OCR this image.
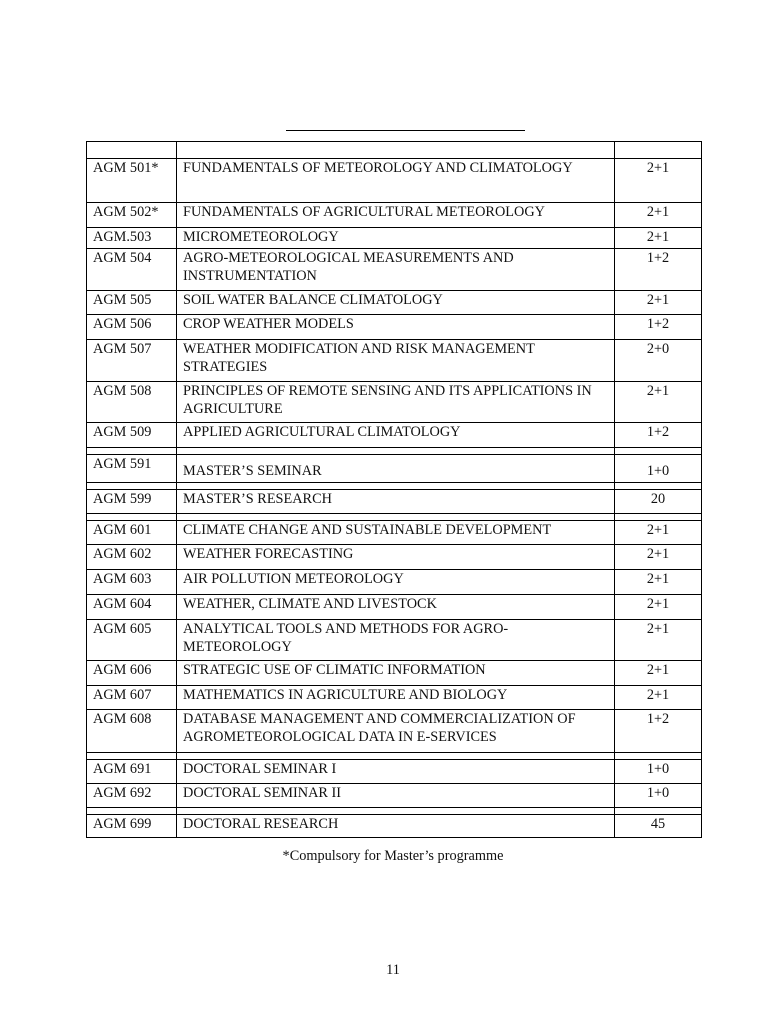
AGM 501*	FUNDAMENTALS OF METEOROLOGY AND CLIMATOLOGY	2+1
AGM 502*	FUNDAMENTALS OF AGRICULTURAL METEOROLOGY	2+1
AGM.503	MICROMETEOROLOGY	2+1
AGM 504	AGRO-METEOROLOGICAL MEASUREMENTS AND INSTRUMENTATION	1+2
AGM 505	SOIL WATER BALANCE CLIMATOLOGY	2+1
AGM 506	CROP WEATHER MODELS	1+2
AGM 507	WEATHER MODIFICATION AND RISK MANAGEMENT STRATEGIES	2+0
AGM 508	PRINCIPLES OF REMOTE SENSING AND ITS APPLICATIONS IN AGRICULTURE	2+1
AGM 509	APPLIED AGRICULTURAL CLIMATOLOGY	1+2

AGM 591	MASTER’S SEMINAR	1+0

AGM 599	MASTER’S RESEARCH	20

AGM 601	CLIMATE CHANGE AND SUSTAINABLE DEVELOPMENT	2+1
AGM 602	WEATHER FORECASTING	2+1
AGM 603	AIR POLLUTION METEOROLOGY	2+1
AGM 604	WEATHER, CLIMATE AND LIVESTOCK	2+1
AGM 605	ANALYTICAL TOOLS AND METHODS FOR AGRO-METEOROLOGY	2+1
AGM 606	STRATEGIC USE OF CLIMATIC INFORMATION	2+1
AGM 607	MATHEMATICS IN AGRICULTURE AND BIOLOGY	2+1
AGM 608	DATABASE MANAGEMENT AND COMMERCIALIZATION OF AGROMETEOROLOGICAL DATA IN E-SERVICES	1+2

AGM 691	DOCTORAL SEMINAR I	1+0
AGM 692	DOCTORAL SEMINAR II	1+0

AGM 699	DOCTORAL RESEARCH	45
*Compulsory for Master’s programme
11
